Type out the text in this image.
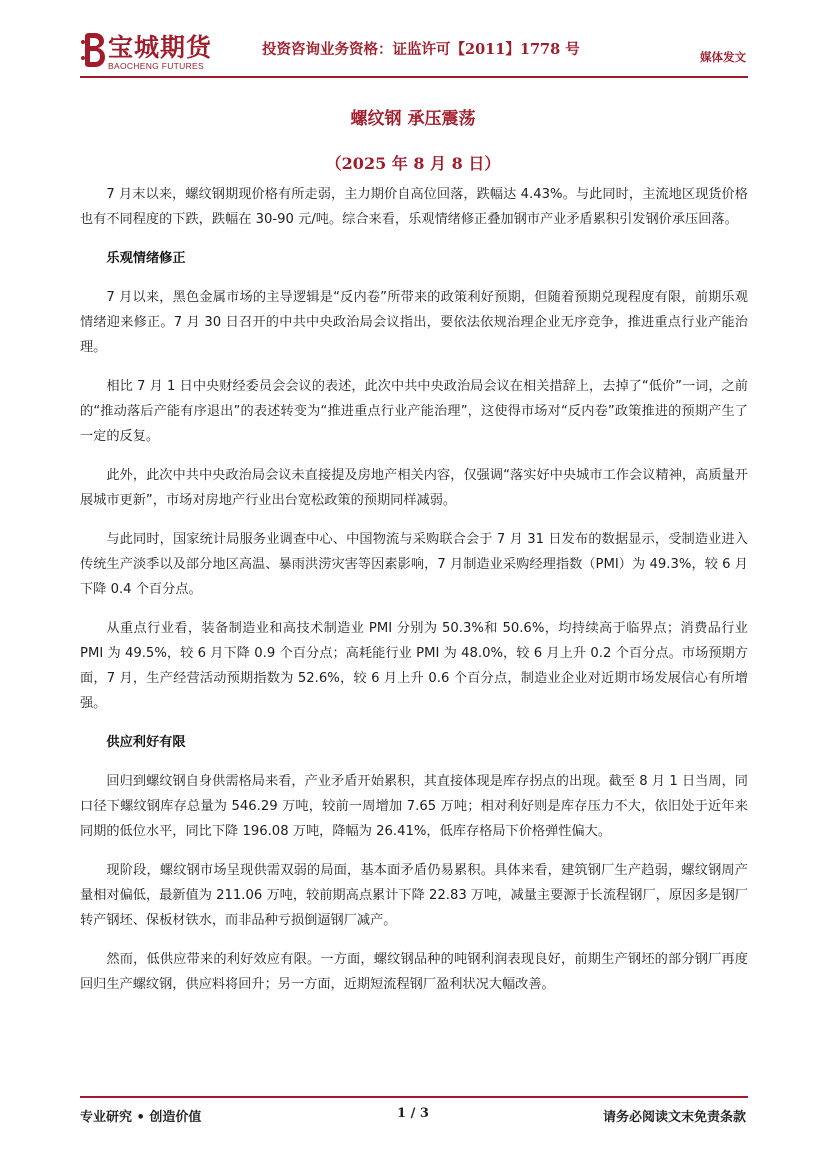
宝城期货
BAOCHENG FUTURES
投资咨询业务资格：证监许可【2011】1778 号	媒体发文
螺纹钢 承压震荡
（2025 年 8 月 8 日）

7 月末以来，螺纹钢期现价格有所走弱，主力期价自高位回落，跌幅达 4.43%。与此同时，主流地区现货价格也有不同程度的下跌，跌幅在 30-90 元/吨。综合来看，乐观情绪修正叠加钢市产业矛盾累积引发钢价承压回落。

乐观情绪修正

7 月以来，黑色金属市场的主导逻辑是“反内卷”所带来的政策利好预期，但随着预期兑现程度有限，前期乐观情绪迎来修正。7 月 30 日召开的中共中央政治局会议指出，要依法依规治理企业无序竞争，推进重点行业产能治理。

相比 7 月 1 日中央财经委员会会议的表述，此次中共中央政治局会议在相关措辞上，去掉了“低价”一词，之前的“推动落后产能有序退出”的表述转变为“推进重点行业产能治理”，这使得市场对“反内卷”政策推进的预期产生了一定的反复。

此外，此次中共中央政治局会议未直接提及房地产相关内容，仅强调“落实好中央城市工作会议精神，高质量开展城市更新”，市场对房地产行业出台宽松政策的预期同样减弱。

与此同时，国家统计局服务业调查中心、中国物流与采购联合会于 7 月 31 日发布的数据显示，受制造业进入传统生产淡季以及部分地区高温、暴雨洪涝灾害等因素影响，7 月制造业采购经理指数（PMI）为 49.3%，较 6 月下降 0.4 个百分点。

从重点行业看，装备制造业和高技术制造业 PMI 分别为 50.3%和 50.6%，均持续高于临界点；消费品行业 PMI 为 49.5%，较 6 月下降 0.9 个百分点；高耗能行业 PMI 为 48.0%，较 6 月上升 0.2 个百分点。市场预期方面，7 月，生产经营活动预期指数为 52.6%，较 6 月上升 0.6 个百分点，制造业企业对近期市场发展信心有所增强。

供应利好有限

回归到螺纹钢自身供需格局来看，产业矛盾开始累积，其直接体现是库存拐点的出现。截至 8 月 1 日当周，同口径下螺纹钢库存总量为 546.29 万吨，较前一周增加 7.65 万吨；相对利好则是库存压力不大，依旧处于近年来同期的低位水平，同比下降 196.08 万吨，降幅为 26.41%，低库存格局下价格弹性偏大。

现阶段，螺纹钢市场呈现供需双弱的局面，基本面矛盾仍易累积。具体来看，建筑钢厂生产趋弱，螺纹钢周产量相对偏低，最新值为 211.06 万吨，较前期高点累计下降 22.83 万吨，减量主要源于长流程钢厂，原因多是钢厂转产钢坯、保板材铁水，而非品种亏损倒逼钢厂减产。

然而，低供应带来的利好效应有限。一方面，螺纹钢品种的吨钢利润表现良好，前期生产钢坯的部分钢厂再度回归生产螺纹钢，供应料将回升；另一方面，近期短流程钢厂盈利状况大幅改善。

专业研究 • 创造价值	1 / 3	请务必阅读文末免责条款
